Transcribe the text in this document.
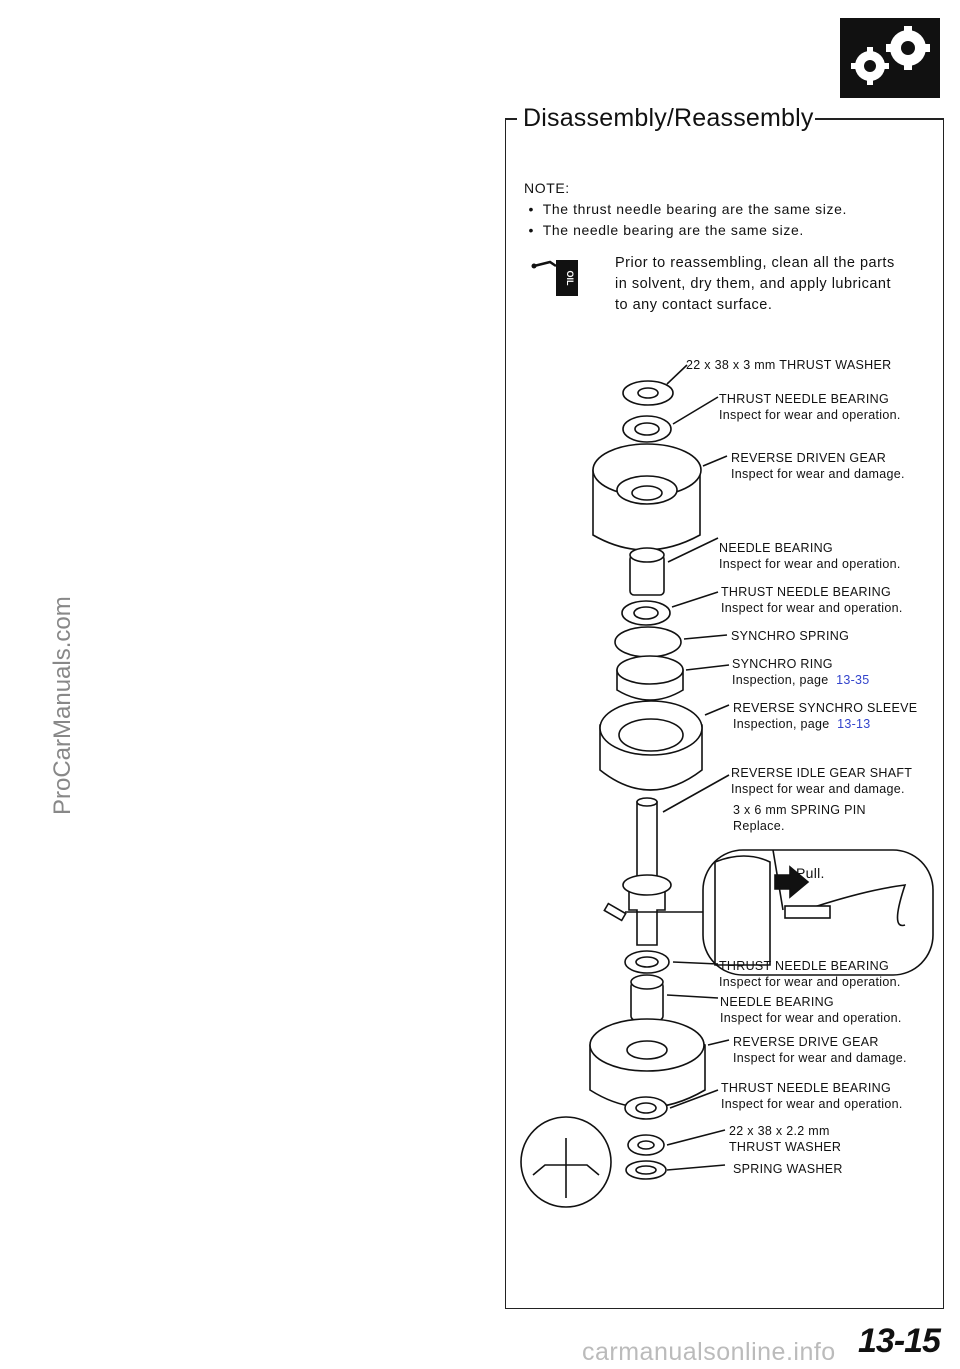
Disassembly/Reassembly
NOTE:
•  The thrust needle bearing are the same size.
•  The needle bearing are the same size.
OIL
Prior to reassembling, clean all the parts
in solvent, dry them, and apply lubricant
to any contact surface.
22 x 38 x 3 mm THRUST WASHER
THRUST NEEDLE BEARING
Inspect for wear and operation.
REVERSE DRIVEN GEAR
Inspect for wear and damage.
NEEDLE BEARING
Inspect for wear and operation.
THRUST NEEDLE BEARING
Inspect for wear and operation.
SYNCHRO SPRING
SYNCHRO RING
Inspection, page 13-35
REVERSE SYNCHRO SLEEVE
Inspection, page 13-13
REVERSE IDLE GEAR SHAFT
Inspect for wear and damage.
3 x 6 mm SPRING PIN
Replace.
Pull.
THRUST NEEDLE BEARING
Inspect for wear and operation.
NEEDLE BEARING
Inspect for wear and operation.
REVERSE DRIVE GEAR
Inspect for wear and damage.
THRUST NEEDLE BEARING
Inspect for wear and operation.
22 x 38 x 2.2 mm
THRUST WASHER
SPRING WASHER
ProCarManuals.com
13-15
carmanualsonline.info
